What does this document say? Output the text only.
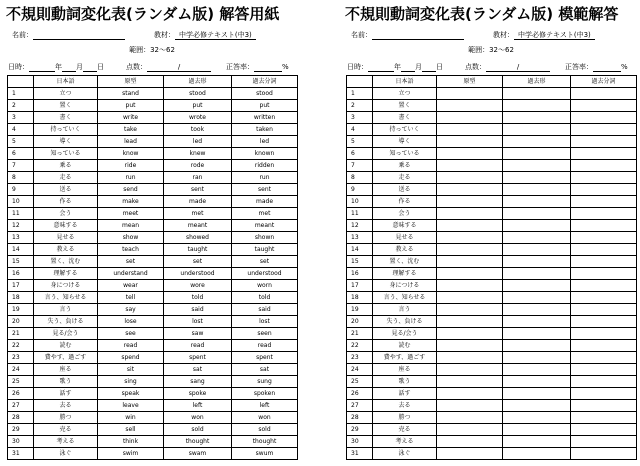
不規則動詞変化表(ランダム版) 解答用紙
名前：	教材： 中学必修テキスト(中3)
範囲：32～62
日時：	年 月 日	点数：	/	正答率：	%
	日本語	原型	過去形	過去分詞
1	立つ	stand	stood	stood
2	置く	put	put	put
3	書く	write	wrote	written
4	持っていく	take	took	taken
5	導く	lead	led	led
6	知っている	know	knew	known
7	乗る	ride	rode	ridden
8	走る	run	ran	run
9	送る	send	sent	sent
10	作る	make	made	made
11	会う	meet	met	met
12	意味する	mean	meant	meant
13	見せる	show	showed	shown
14	教える	teach	taught	taught
15	置く、沈む	set	set	set
16	理解する	understand	understood	understood
17	身につける	wear	wore	worn
18	言う、知らせる	tell	told	told
19	言う	say	said	said
20	失う、負ける	lose	lost	lost
21	見る/会う	see	saw	seen
22	読む	read	read	read
23	費やす、過ごす	spend	spent	spent
24	座る	sit	sat	sat
25	歌う	sing	sang	sung
26	話す	speak	spoke	spoken
27	去る	leave	left	left
28	勝つ	win	won	won
29	売る	sell	sold	sold
30	考える	think	thought	thought
31	泳ぐ	swim	swam	swum
不規則動詞変化表(ランダム版) 模範解答
名前：	教材： 中学必修テキスト(中3)
範囲：32～62
日時：	年 月 日	点数：	/	正答率：	%
	日本語	原型	過去形	過去分詞
1	立つ			
2	置く			
3	書く			
4	持っていく			
5	導く			
6	知っている			
7	乗る			
8	走る			
9	送る			
10	作る			
11	会う			
12	意味する			
13	見せる			
14	教える			
15	置く、沈む			
16	理解する			
17	身につける			
18	言う、知らせる			
19	言う			
20	失う、負ける			
21	見る/会う			
22	読む			
23	費やす、過ごす			
24	座る			
25	歌う			
26	話す			
27	去る			
28	勝つ			
29	売る			
30	考える			
31	泳ぐ			
